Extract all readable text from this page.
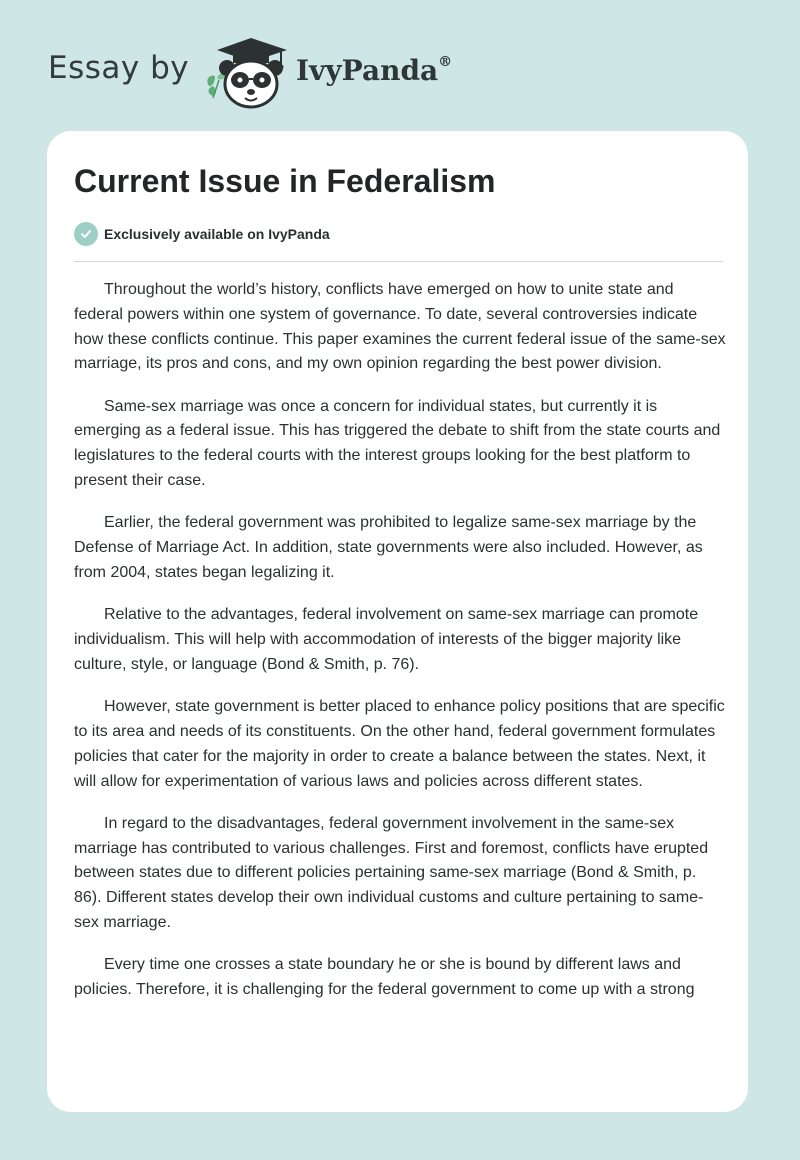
Essay by	IvyPanda®
Current Issue in Federalism
Exclusively available on IvyPanda

Throughout the world’s history, conflicts have emerged on how to unite state and federal powers within one system of governance. To date, several controversies indicate how these conflicts continue. This paper examines the current federal issue of the same-sex marriage, its pros and cons, and my own opinion regarding the best power division.

Same-sex marriage was once a concern for individual states, but currently it is emerging as a federal issue. This has triggered the debate to shift from the state courts and legislatures to the federal courts with the interest groups looking for the best platform to present their case.

Earlier, the federal government was prohibited to legalize same-sex marriage by the Defense of Marriage Act. In addition, state governments were also included. However, as from 2004, states began legalizing it.

Relative to the advantages, federal involvement on same-sex marriage can promote individualism. This will help with accommodation of interests of the bigger majority like culture, style, or language (Bond & Smith, p. 76).

However, state government is better placed to enhance policy positions that are specific to its area and needs of its constituents. On the other hand, federal government formulates policies that cater for the majority in order to create a balance between the states. Next, it will allow for experimentation of various laws and policies across different states.

In regard to the disadvantages, federal government involvement in the same-sex marriage has contributed to various challenges. First and foremost, conflicts have erupted between states due to different policies pertaining same-sex marriage (Bond & Smith, p. 86). Different states develop their own individual customs and culture pertaining to same-sex marriage.

Every time one crosses a state boundary he or she is bound by different laws and policies. Therefore, it is challenging for the federal government to come up with a strong
